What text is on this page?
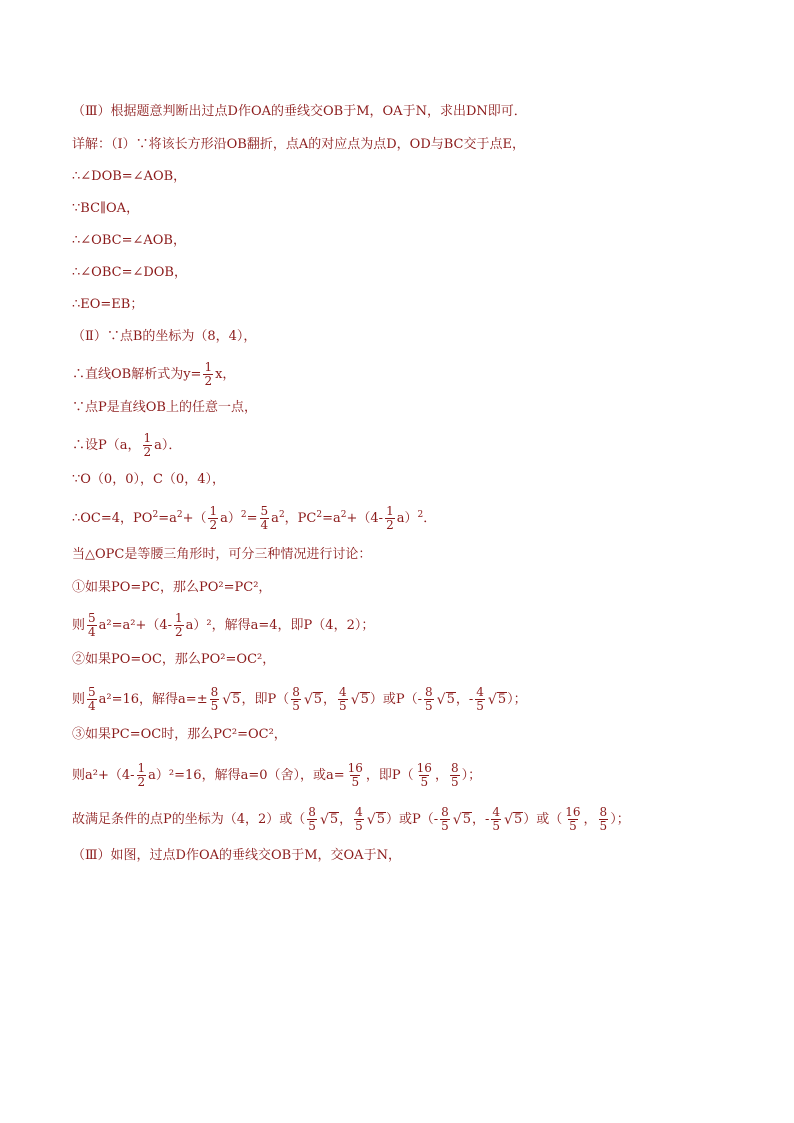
（Ⅲ）根据题意判断出过点D作OA的垂线交OB于M，OA于N，求出DN即可．
详解：（Ⅰ）∵将该长方形沿OB翻折，点A的对应点为点D，OD与BC交于点E，
∴∠DOB=∠AOB，
∵BC∥OA，
∴∠OBC=∠AOB，
∴∠OBC=∠DOB，
∴EO=EB；
（Ⅱ）∵点B的坐标为（8，4），
∴直线OB解析式为$y= \frac{1}{2}$ x，
∵点P是直线OB上的任意一点，
∴设P（a， $\frac{1}{2} a$）．
∵O（0，0），C（0，4），
∴OC=4，$PO^2 =a^2$ +（ $\frac{1}{2} a)^2 = \frac{5}{4} a^2$ ，$PC^2 =a^2 +(4- \frac{1}{2} a)^2$ ．
当△OPC是等腰三角形时，可分三种情况进行讨论：
①如果PO=PC，那么PO²=PC²，
则 $\frac{5}{4} a^2=a^2+(4- \frac{1}{2} a)^2$，解得a=4，即P（4，2）；
②如果PO=OC，那么PO²=OC²，
则 $\frac{5}{4} a^2=16$，解得$a=\pm \frac{8}{5}$ √ 5 ，即$P( \frac{8}{5}$ √ 5 ， $\frac{4}{5}$ √ 5 ）或$P(- \frac{8}{5}$ √ 5 ，- $\frac{4}{5}$ √ 5 ）；
③如果PC=OC时，那么PC²=OC²，
则$a^2+(4- \frac{1}{2} a)^2=16$，解得a=0（舍），或$a= \frac{16}{5}$ ，即$P( \frac{16}{5}$ ， $\frac{8}{5}$ ）；
故满足条件的点P的坐标为（4，2）或（ $\frac{8}{5}$ √ 5 ， $\frac{4}{5}$ √ 5 ）或$P(- \frac{8}{5}$ √ 5 ，- $\frac{4}{5}$ √ 5 ）或（ $\frac{16}{5}$ ， $\frac{8}{5}$ ）；
（Ⅲ）如图，过点D作OA的垂线交OB于M，交OA于N，
